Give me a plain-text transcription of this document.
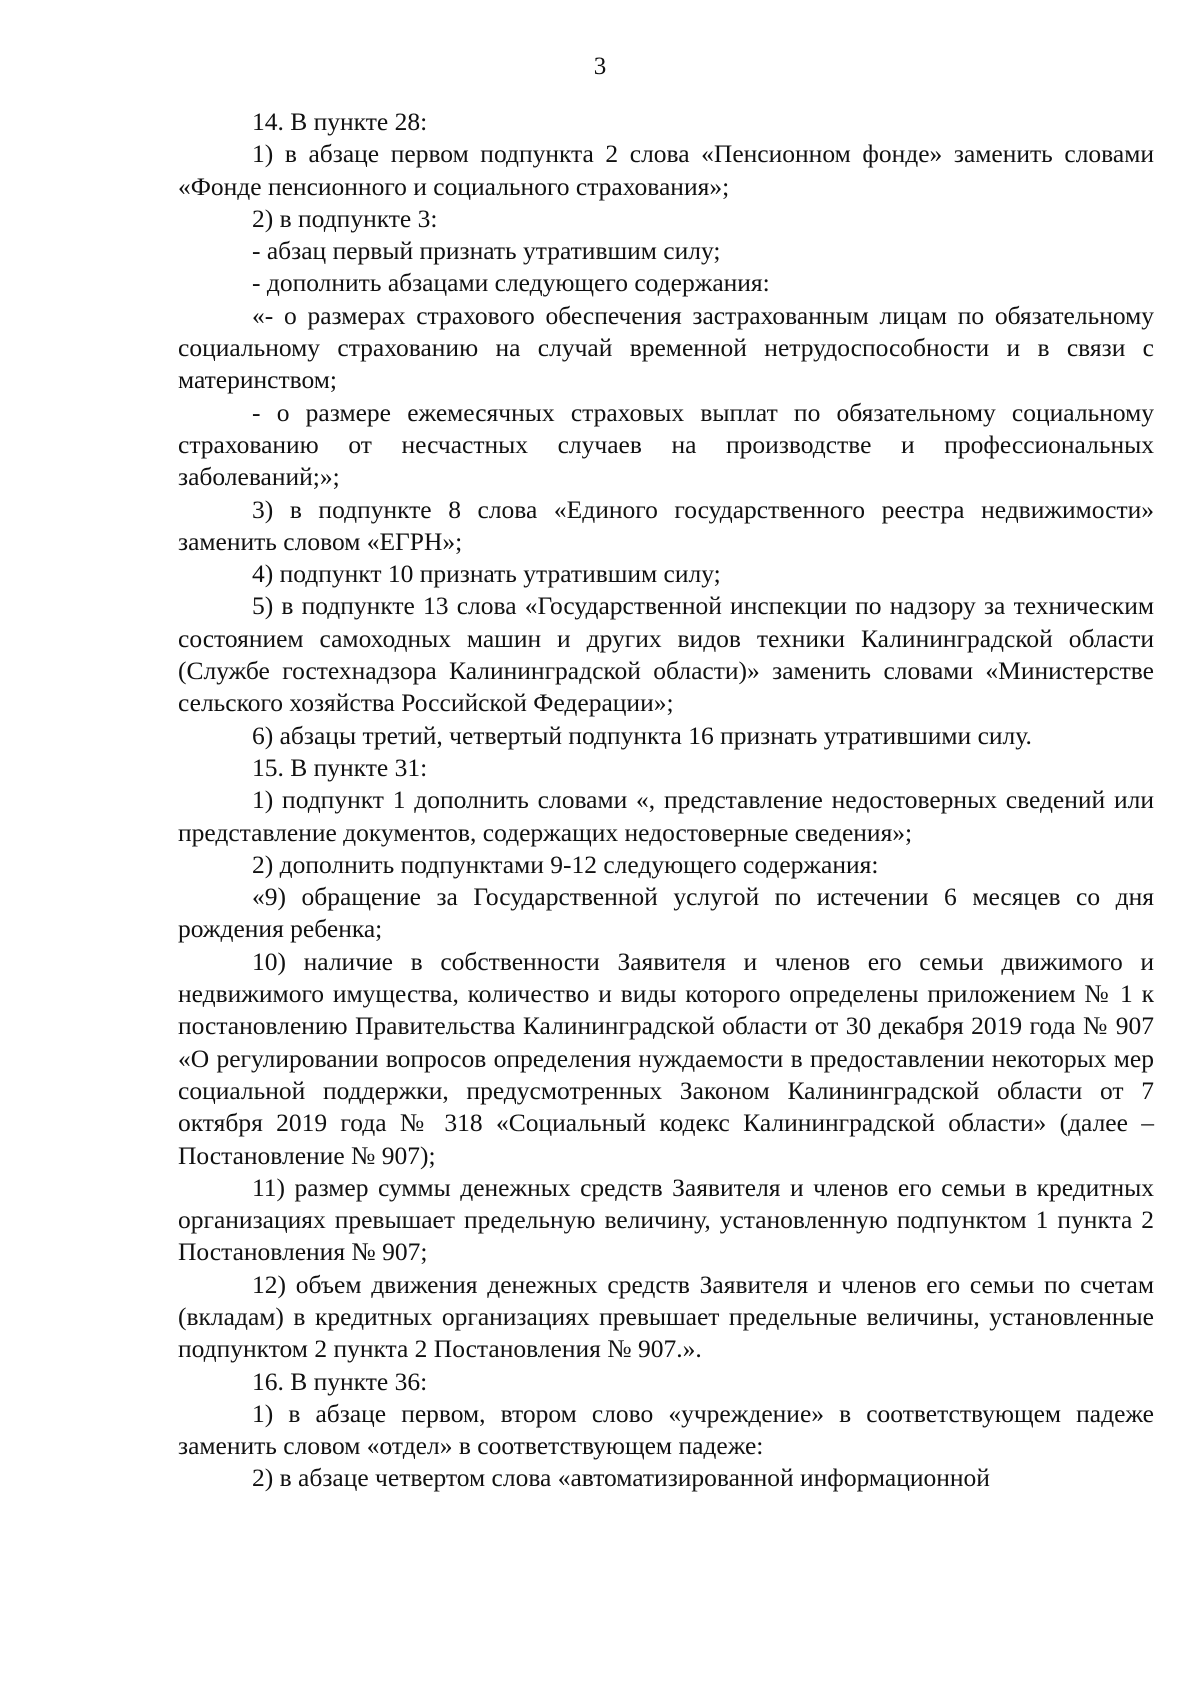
3

14. В пункте 28:

1) в абзаце первом подпункта 2 слова «Пенсионном фонде» заменить словами «Фонде пенсионного и социального страхования»;

2) в подпункте 3:

- абзац первый признать утратившим силу;

- дополнить абзацами следующего содержания:

«- о размерах страхового обеспечения застрахованным лицам по обязательному социальному страхованию на случай временной нетрудоспособности и в связи с материнством;

- о размере ежемесячных страховых выплат по обязательному социальному страхованию от несчастных случаев на производстве и профессиональных заболеваний;»;

3) в подпункте 8 слова «Единого государственного реестра недвижимости» заменить словом «ЕГРН»;

4) подпункт 10 признать утратившим силу;

5) в подпункте 13 слова «Государственной инспекции по надзору за техническим состоянием самоходных машин и других видов техники Калининградской области (Службе гостехнадзора Калининградской области)» заменить словами «Министерстве сельского хозяйства Российской Федерации»;

6) абзацы третий, четвертый подпункта 16 признать утратившими силу.

15. В пункте 31:

1) подпункт 1 дополнить словами «, представление недостоверных сведений или представление документов, содержащих недостоверные сведения»;

2) дополнить подпунктами 9-12 следующего содержания:

«9) обращение за Государственной услугой по истечении 6 месяцев со дня рождения ребенка;

10) наличие в собственности Заявителя и членов его семьи движимого и недвижимого имущества, количество и виды которого определены приложением № 1 к постановлению Правительства Калининградской области от 30 декабря 2019 года № 907 «О регулировании вопросов определения нуждаемости в предоставлении некоторых мер социальной поддержки, предусмотренных Законом Калининградской области от 7 октября 2019 года № 318 «Социальный кодекс Калининградской области» (далее – Постановление № 907);

11) размер суммы денежных средств Заявителя и членов его семьи в кредитных организациях превышает предельную величину, установленную подпунктом 1 пункта 2 Постановления № 907;

12) объем движения денежных средств Заявителя и членов его семьи по счетам (вкладам) в кредитных организациях превышает предельные величины, установленные подпунктом 2 пункта 2 Постановления № 907.».

16. В пункте 36:

1) в абзаце первом, втором слово «учреждение» в соответствующем падеже заменить словом «отдел» в соответствующем падеже:

2) в абзаце четвертом слова «автоматизированной информационной
